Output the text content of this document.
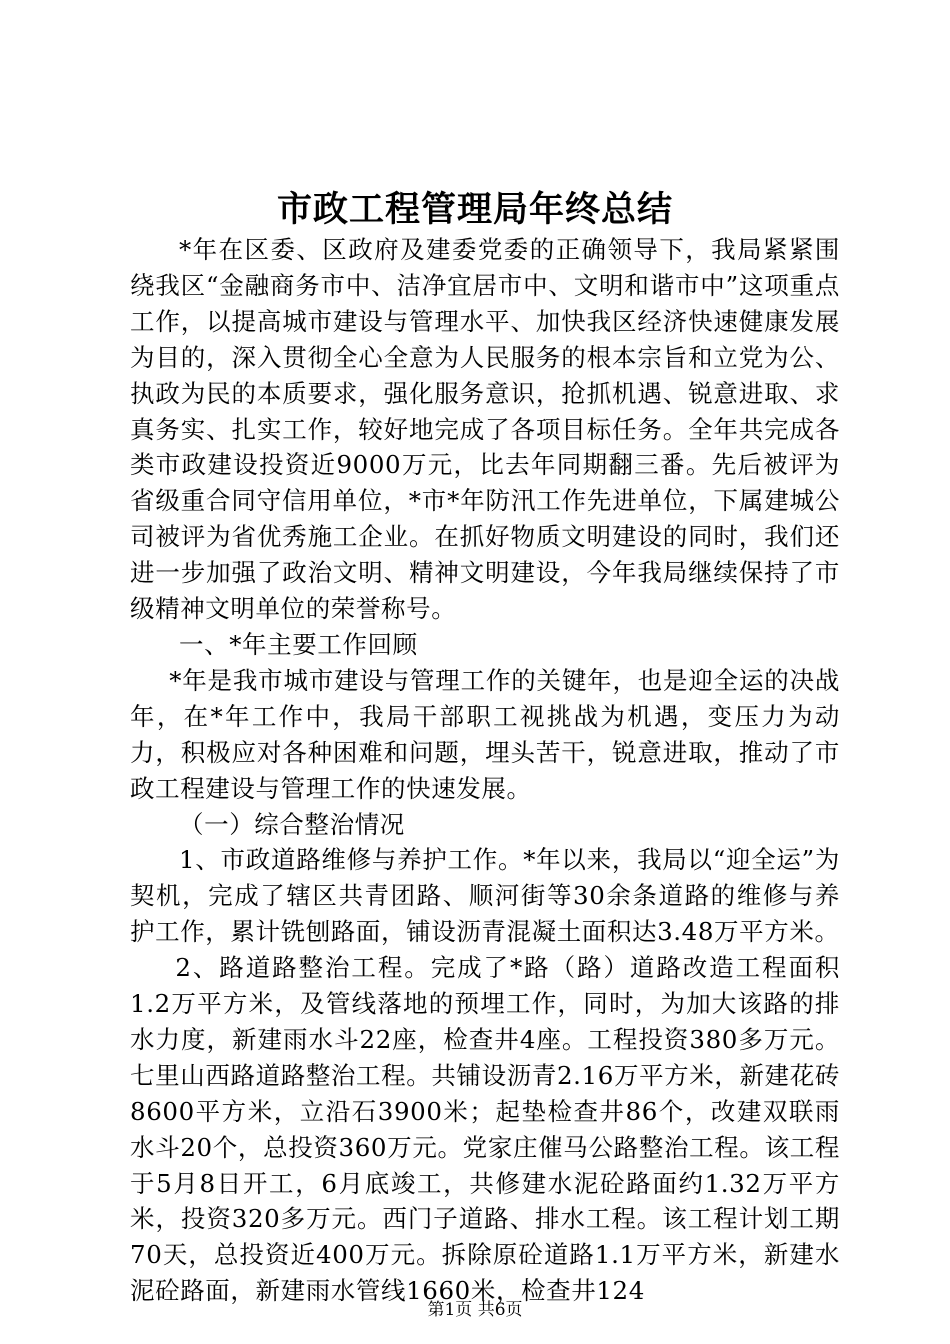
市政工程管理局年终总结

*年在区委、区政府及建委党委的正确领导下，我局紧紧围绕我区“金融商务市中、洁净宜居市中、文明和谐市中”这项重点工作，以提高城市建设与管理水平、加快我区经济快速健康发展为目的，深入贯彻全心全意为人民服务的根本宗旨和立党为公、执政为民的本质要求，强化服务意识，抢抓机遇、锐意进取、求真务实、扎实工作，较好地完成了各项目标任务。全年共完成各类市政建设投资近9000万元，比去年同期翻三番。先后被评为省级重合同守信用单位，*市*年防汛工作先进单位，下属建城公司被评为省优秀施工企业。在抓好物质文明建设的同时，我们还进一步加强了政治文明、精神文明建设，今年我局继续保持了市级精神文明单位的荣誉称号。

一、*年主要工作回顾

*年是我市城市建设与管理工作的关键年，也是迎全运的决战年，在*年工作中，我局干部职工视挑战为机遇，变压力为动力，积极应对各种困难和问题，埋头苦干，锐意进取，推动了市政工程建设与管理工作的快速发展。

（一）综合整治情况

1、市政道路维修与养护工作。*年以来，我局以“迎全运”为契机，完成了辖区共青团路、顺河街等30余条道路的维修与养护工作，累计铣刨路面，铺设沥青混凝土面积达3.48万平方米。

2、路道路整治工程。完成了*路（路）道路改造工程面积1.2万平方米，及管线落地的预埋工作，同时，为加大该路的排水力度，新建雨水斗22座，检查井4座。工程投资380多万元。七里山西路道路整治工程。共铺设沥青2.16万平方米，新建花砖8600平方米，立沿石3900米；起垫检查井86个，改建双联雨水斗20个，总投资360万元。党家庄催马公路整治工程。该工程于5月8日开工，6月底竣工，共修建水泥砼路面约1.32万平方米，投资320多万元。西门子道路、排水工程。该工程计划工期70天，总投资近400万元。拆除原砼道路1.1万平方米，新建水泥砼路面，新建雨水管线1660米，检查井124

第1页 共6页
